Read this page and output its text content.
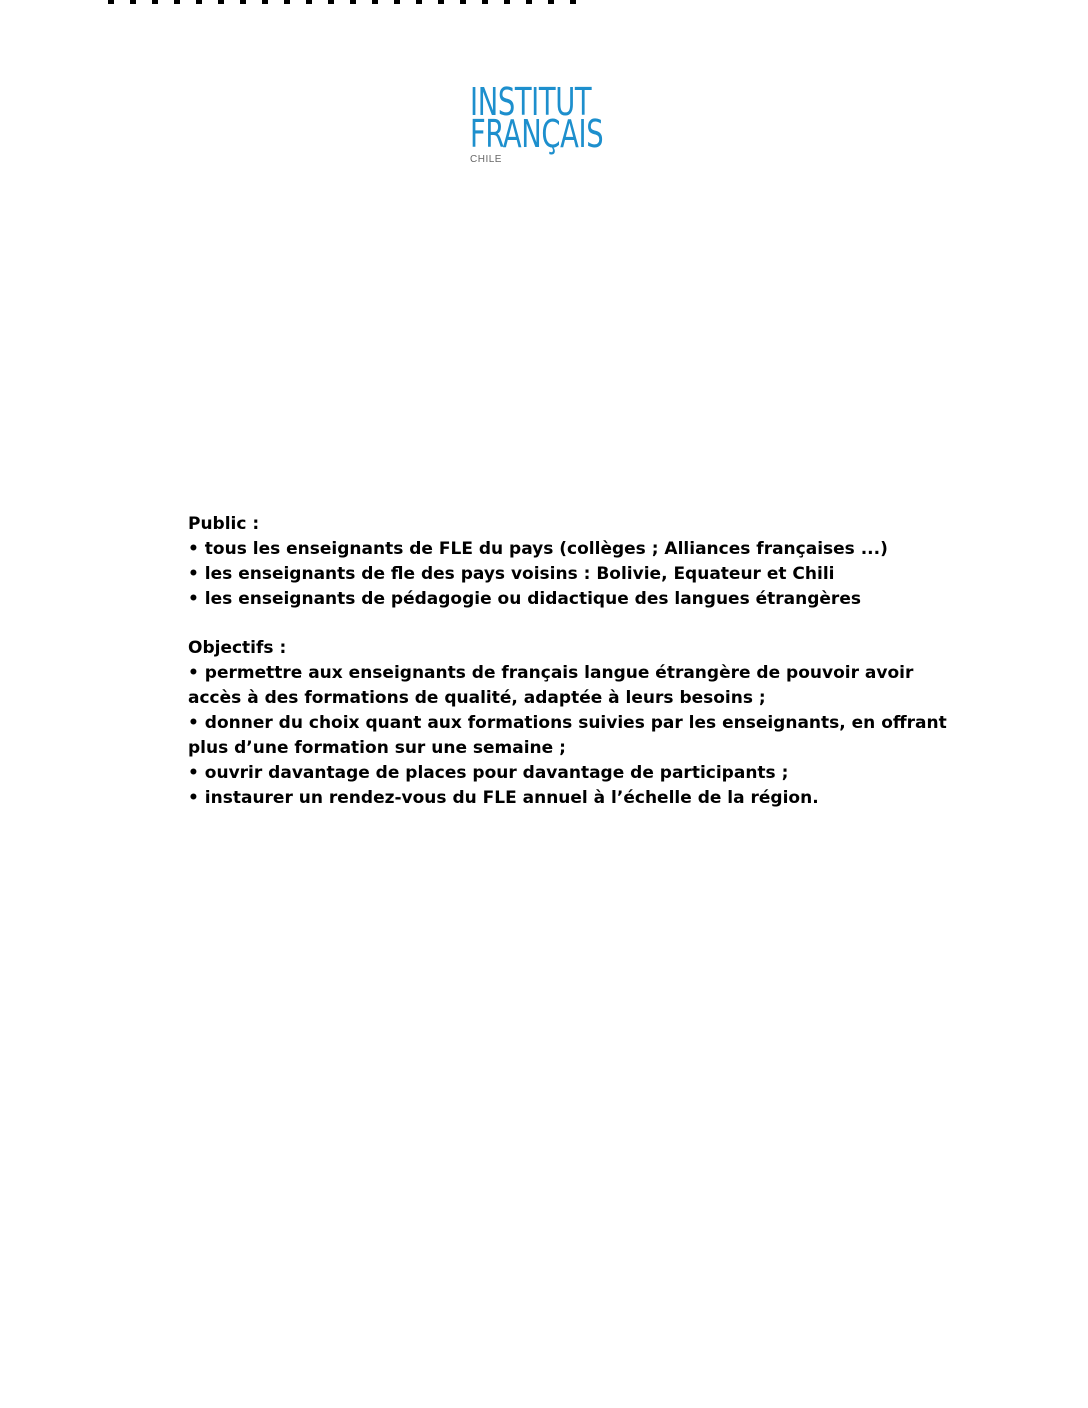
INSTITUT
FRANÇAIS
CHILE
Public :
• tous les enseignants de FLE du pays (collèges ; Alliances françaises ...)
• les enseignants de fle des pays voisins : Bolivie, Equateur et Chili
• les enseignants de pédagogie ou didactique des langues étrangères
Objectifs :
• permettre aux enseignants de français langue étrangère de pouvoir avoir accès à des formations de qualité, adaptée à leurs besoins ;
• donner du choix quant aux formations suivies par les enseignants, en offrant plus d’une formation sur une semaine ;
• ouvrir davantage de places pour davantage de participants ;
• instaurer un rendez-vous du FLE annuel à l’échelle de la région.
